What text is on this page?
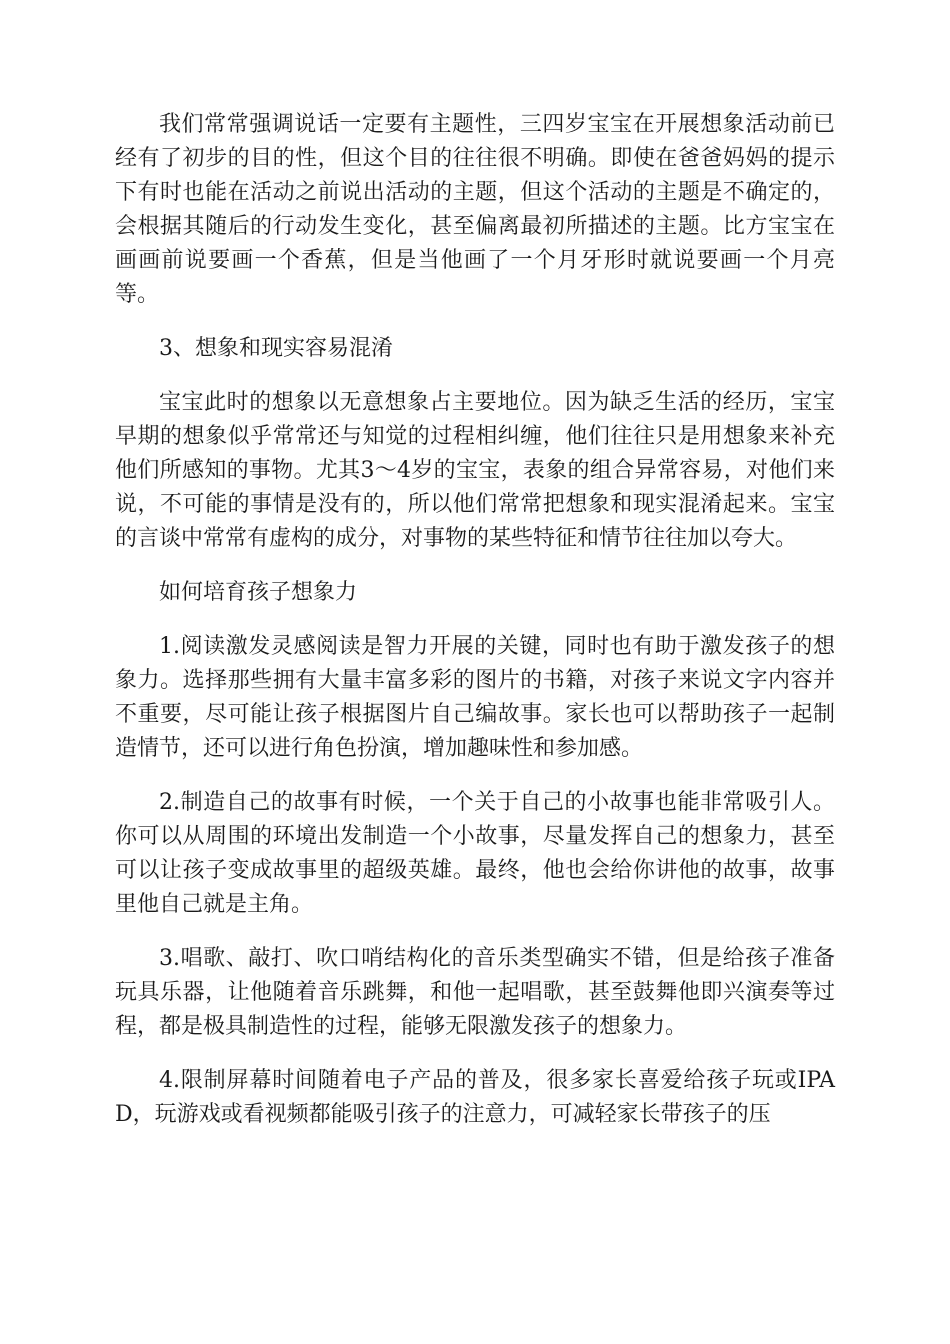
我们常常强调说话一定要有主题性，三四岁宝宝在开展想象活动前已经有了初步的目的性，但这个目的往往很不明确。即使在爸爸妈妈的提示下有时也能在活动之前说出活动的主题，但这个活动的主题是不确定的，会根据其随后的行动发生变化，甚至偏离最初所描述的主题。比方宝宝在画画前说要画一个香蕉，但是当他画了一个月牙形时就说要画一个月亮等。

3、想象和现实容易混淆

宝宝此时的想象以无意想象占主要地位。因为缺乏生活的经历，宝宝早期的想象似乎常常还与知觉的过程相纠缠，他们往往只是用想象来补充他们所感知的事物。尤其3～4岁的宝宝，表象的组合异常容易，对他们来说，不可能的事情是没有的，所以他们常常把想象和现实混淆起来。宝宝的言谈中常常有虚构的成分，对事物的某些特征和情节往往加以夸大。

如何培育孩子想象力

1.阅读激发灵感阅读是智力开展的关键，同时也有助于激发孩子的想象力。选择那些拥有大量丰富多彩的图片的书籍，对孩子来说文字内容并不重要，尽可能让孩子根据图片自己编故事。家长也可以帮助孩子一起制造情节，还可以进行角色扮演，增加趣味性和参加感。

2.制造自己的故事有时候，一个关于自己的小故事也能非常吸引人。你可以从周围的环境出发制造一个小故事，尽量发挥自己的想象力，甚至可以让孩子变成故事里的超级英雄。最终，他也会给你讲他的故事，故事里他自己就是主角。

3.唱歌、敲打、吹口哨结构化的音乐类型确实不错，但是给孩子准备玩具乐器，让他随着音乐跳舞，和他一起唱歌，甚至鼓舞他即兴演奏等过程，都是极具制造性的过程，能够无限激发孩子的想象力。

4.限制屏幕时间随着电子产品的普及，很多家长喜爱给孩子玩或IPAD，玩游戏或看视频都能吸引孩子的注意力，可减轻家长带孩子的压
